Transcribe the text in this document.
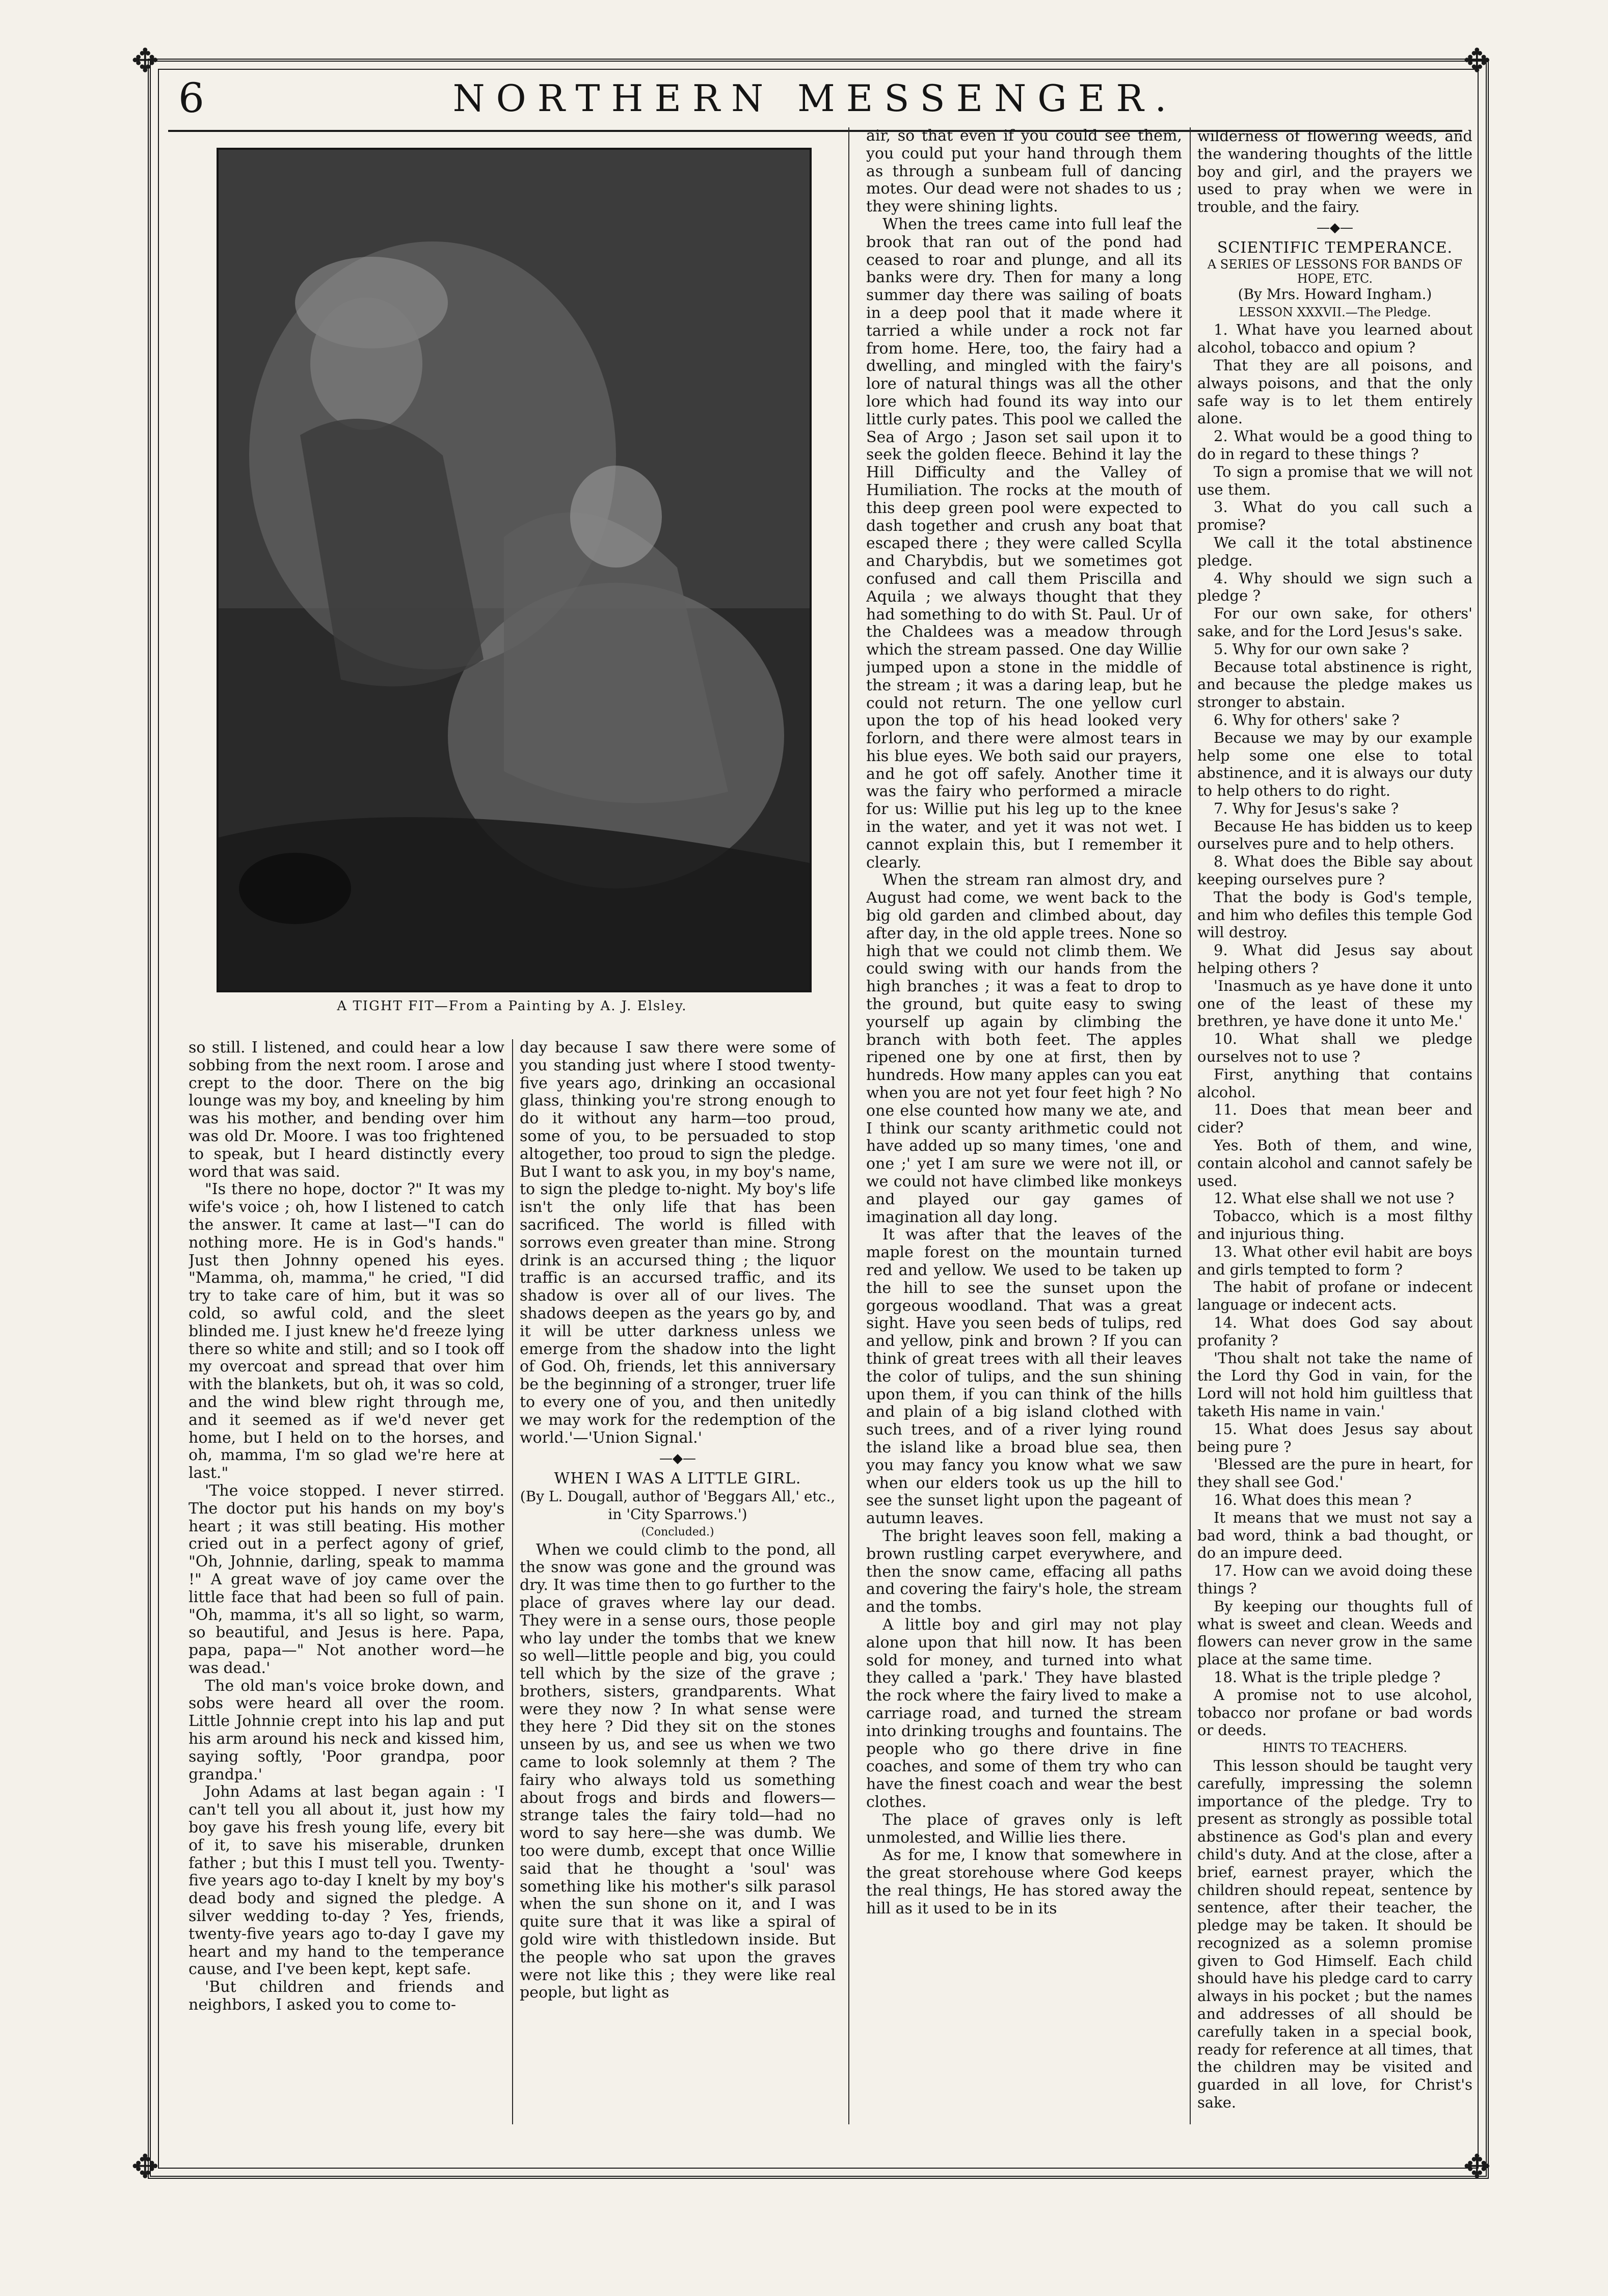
✥	✥
✥	✥
6	NORTHERN MESSENGER.
A TIGHT FIT—From a Painting by A. J. Elsley.

so still. I listened, and could hear a low sobbing from the next room. I arose and crept to the door. There on the big lounge was my boy, and kneeling by him was his mother, and bending over him was old Dr. Moore. I was too frightened to speak, but I heard distinctly every word that was said.

"Is there no hope, doctor ?" It was my wife's voice ; oh, how I listened to catch the answer. It came at last—"I can do nothing more. He is in God's hands." Just then Johnny opened his eyes. "Mamma, oh, mamma," he cried, "I did try to take care of him, but it was so cold, so awful cold, and the sleet blinded me. I just knew he'd freeze lying there so white and still; and so I took off my overcoat and spread that over him with the blankets, but oh, it was so cold, and the wind blew right through me, and it seemed as if we'd never get home, but I held on to the horses, and oh, mamma, I'm so glad we're here at last."

'The voice stopped. I never stirred. The doctor put his hands on my boy's heart ; it was still beating. His mother cried out in a perfect agony of grief, "Oh, Johnnie, darling, speak to mamma !" A great wave of joy came over the little face that had been so full of pain. "Oh, mamma, it's all so light, so warm, so beautiful, and Jesus is here. Papa, papa, papa—" Not another word—he was dead.'

The old man's voice broke down, and sobs were heard all over the room. Little Johnnie crept into his lap and put his arm around his neck and kissed him, saying softly, 'Poor grandpa, poor grandpa.'

John Adams at last began again : 'I can't tell you all about it, just how my boy gave his fresh young life, every bit of it, to save his miserable, drunken father ; but this I must tell you. Twenty-five years ago to-day I knelt by my boy's dead body and signed the pledge. A silver wedding to-day ? Yes, friends, twenty-five years ago to-day I gave my heart and my hand to the temperance cause, and I've been kept, kept safe.

'But children and friends and neighbors, I asked you to come to-

day because I saw there were some of you standing just where I stood twenty-five years ago, drinking an occasional glass, thinking you're strong enough to do it without any harm—too proud, some of you, to be persuaded to stop altogether, too proud to sign the pledge. But I want to ask you, in my boy's name, to sign the pledge to-night. My boy's life isn't the only life that has been sacrificed. The world is filled with sorrows even greater than mine. Strong drink is an accursed thing ; the liquor traffic is an accursed traffic, and its shadow is over all of our lives. The shadows deepen as the years go by, and it will be utter darkness unless we emerge from the shadow into the light of God. Oh, friends, let this anniversary be the beginning of a stronger, truer life to every one of you, and then unitedly we may work for the redemption of the world.'—'Union Signal.'

—◆—

WHEN I WAS A LITTLE GIRL.

(By L. Dougall, author of 'Beggars All,' etc., in 'City Sparrows.')

(Concluded.)

When we could climb to the pond, all the snow was gone and the ground was dry. It was time then to go further to the place of graves where lay our dead. They were in a sense ours, those people who lay under the tombs that we knew so well—little people and big, you could tell which by the size of the grave ; brothers, sisters, grandparents. What were they now ? In what sense were they here ? Did they sit on the stones unseen by us, and see us when we two came to look solemnly at them ? The fairy who always told us something about frogs and birds and flowers—strange tales the fairy told—had no word to say here—she was dumb. We too were dumb, except that once Willie said that he thought a 'soul' was something like his mother's silk parasol when the sun shone on it, and I was quite sure that it was like a spiral of gold wire with thistledown inside. But the people who sat upon the graves were not like this ; they were like real people, but light as

air, so that even if you could see them, you could put your hand through them as through a sunbeam full of dancing motes. Our dead were not shades to us ; they were shining lights.

When the trees came into full leaf the brook that ran out of the pond had ceased to roar and plunge, and all its banks were dry. Then for many a long summer day there was sailing of boats in a deep pool that it made where it tarried a while under a rock not far from home. Here, too, the fairy had a dwelling, and mingled with the fairy's lore of natural things was all the other lore which had found its way into our little curly pates. This pool we called the Sea of Argo ; Jason set sail upon it to seek the golden fleece. Behind it lay the Hill Difficulty and the Valley of Humiliation. The rocks at the mouth of this deep green pool were expected to dash together and crush any boat that escaped there ; they were called Scylla and Charybdis, but we sometimes got confused and call them Priscilla and Aquila ; we always thought that they had something to do with St. Paul. Ur of the Chaldees was a meadow through which the stream passed. One day Willie jumped upon a stone in the middle of the stream ; it was a daring leap, but he could not return. The one yellow curl upon the top of his head looked very forlorn, and there were almost tears in his blue eyes. We both said our prayers, and he got off safely. Another time it was the fairy who performed a miracle for us: Willie put his leg up to the knee in the water, and yet it was not wet. I cannot explain this, but I remember it clearly.

When the stream ran almost dry, and August had come, we went back to the big old garden and climbed about, day after day, in the old apple trees. None so high that we could not climb them. We could swing with our hands from the high branches ; it was a feat to drop to the ground, but quite easy to swing yourself up again by climbing the branch with both feet. The apples ripened one by one at first, then by hundreds. How many apples can you eat when you are not yet four feet high ? No one else counted how many we ate, and I think our scanty arithmetic could not have added up so many times, 'one and one ;' yet I am sure we were not ill, or we could not have climbed like monkeys and played our gay games of imagination all day long.

It was after that the leaves of the maple forest on the mountain turned red and yellow. We used to be taken up the hill to see the sunset upon the gorgeous woodland. That was a great sight. Have you seen beds of tulips, red and yellow, pink and brown ? If you can think of great trees with all their leaves the color of tulips, and the sun shining upon them, if you can think of the hills and plain of a big island clothed with such trees, and of a river lying round the island like a broad blue sea, then you may fancy you know what we saw when our elders took us up the hill to see the sunset light upon the pageant of autumn leaves.

The bright leaves soon fell, making a brown rustling carpet everywhere, and then the snow came, effacing all paths and covering the fairy's hole, the stream and the tombs.

A little boy and girl may not play alone upon that hill now. It has been sold for money, and turned into what they called a 'park.' They have blasted the rock where the fairy lived to make a carriage road, and turned the stream into drinking troughs and fountains. The people who go there drive in fine coaches, and some of them try who can have the finest coach and wear the best clothes.

The place of graves only is left unmolested, and Willie lies there.

As for me, I know that somewhere in the great storehouse where God keeps the real things, He has stored away the hill as it used to be in its

wilderness of flowering weeds, and the wandering thoughts of the little boy and girl, and the prayers we used to pray when we were in trouble, and the fairy.

—◆—

SCIENTIFIC TEMPERANCE.

A SERIES OF LESSONS FOR BANDS OF HOPE, ETC.

(By Mrs. Howard Ingham.)

LESSON XXXVII.—The Pledge.

1. What have you learned about alcohol, tobacco and opium ?

That they are all poisons, and always poisons, and that the only safe way is to let them entirely alone.

2. What would be a good thing to do in regard to these things ?

To sign a promise that we will not use them.

3. What do you call such a promise?

We call it the total abstinence pledge.

4. Why should we sign such a pledge ?

For our own sake, for others' sake, and for the Lord Jesus's sake.

5. Why for our own sake ?

Because total abstinence is right, and because the pledge makes us stronger to abstain.

6. Why for others' sake ?

Because we may by our example help some one else to total abstinence, and it is always our duty to help others to do right.

7. Why for Jesus's sake ?

Because He has bidden us to keep ourselves pure and to help others.

8. What does the Bible say about keeping ourselves pure ?

That the body is God's temple, and him who defiles this temple God will destroy.

9. What did Jesus say about helping others ?

'Inasmuch as ye have done it unto one of the least of these my brethren, ye have done it unto Me.'

10. What shall we pledge ourselves not to use ?

First, anything that contains alcohol.

11. Does that mean beer and cider?

Yes. Both of them, and wine, contain alcohol and cannot safely be used.

12. What else shall we not use ?

Tobacco, which is a most filthy and injurious thing.

13. What other evil habit are boys and girls tempted to form ?

The habit of profane or indecent language or indecent acts.

14. What does God say about profanity ?

'Thou shalt not take the name of the Lord thy God in vain, for the Lord will not hold him guiltless that taketh His name in vain.'

15. What does Jesus say about being pure ?

'Blessed are the pure in heart, for they shall see God.'

16. What does this mean ?

It means that we must not say a bad word, think a bad thought, or do an impure deed.

17. How can we avoid doing these things ?

By keeping our thoughts full of what is sweet and clean. Weeds and flowers can never grow in the same place at the same time.

18. What is the triple pledge ?

A promise not to use alcohol, tobacco nor profane or bad words or deeds.

HINTS TO TEACHERS.

This lesson should be taught very carefully, impressing the solemn importance of the pledge. Try to present as strongly as possible total abstinence as God's plan and every child's duty. And at the close, after a brief, earnest prayer, which the children should repeat, sentence by sentence, after their teacher, the pledge may be taken. It should be recognized as a solemn promise given to God Himself. Each child should have his pledge card to carry always in his pocket ; but the names and addresses of all should be carefully taken in a special book, ready for reference at all times, that the children may be visited and guarded in all love, for Christ's sake.
